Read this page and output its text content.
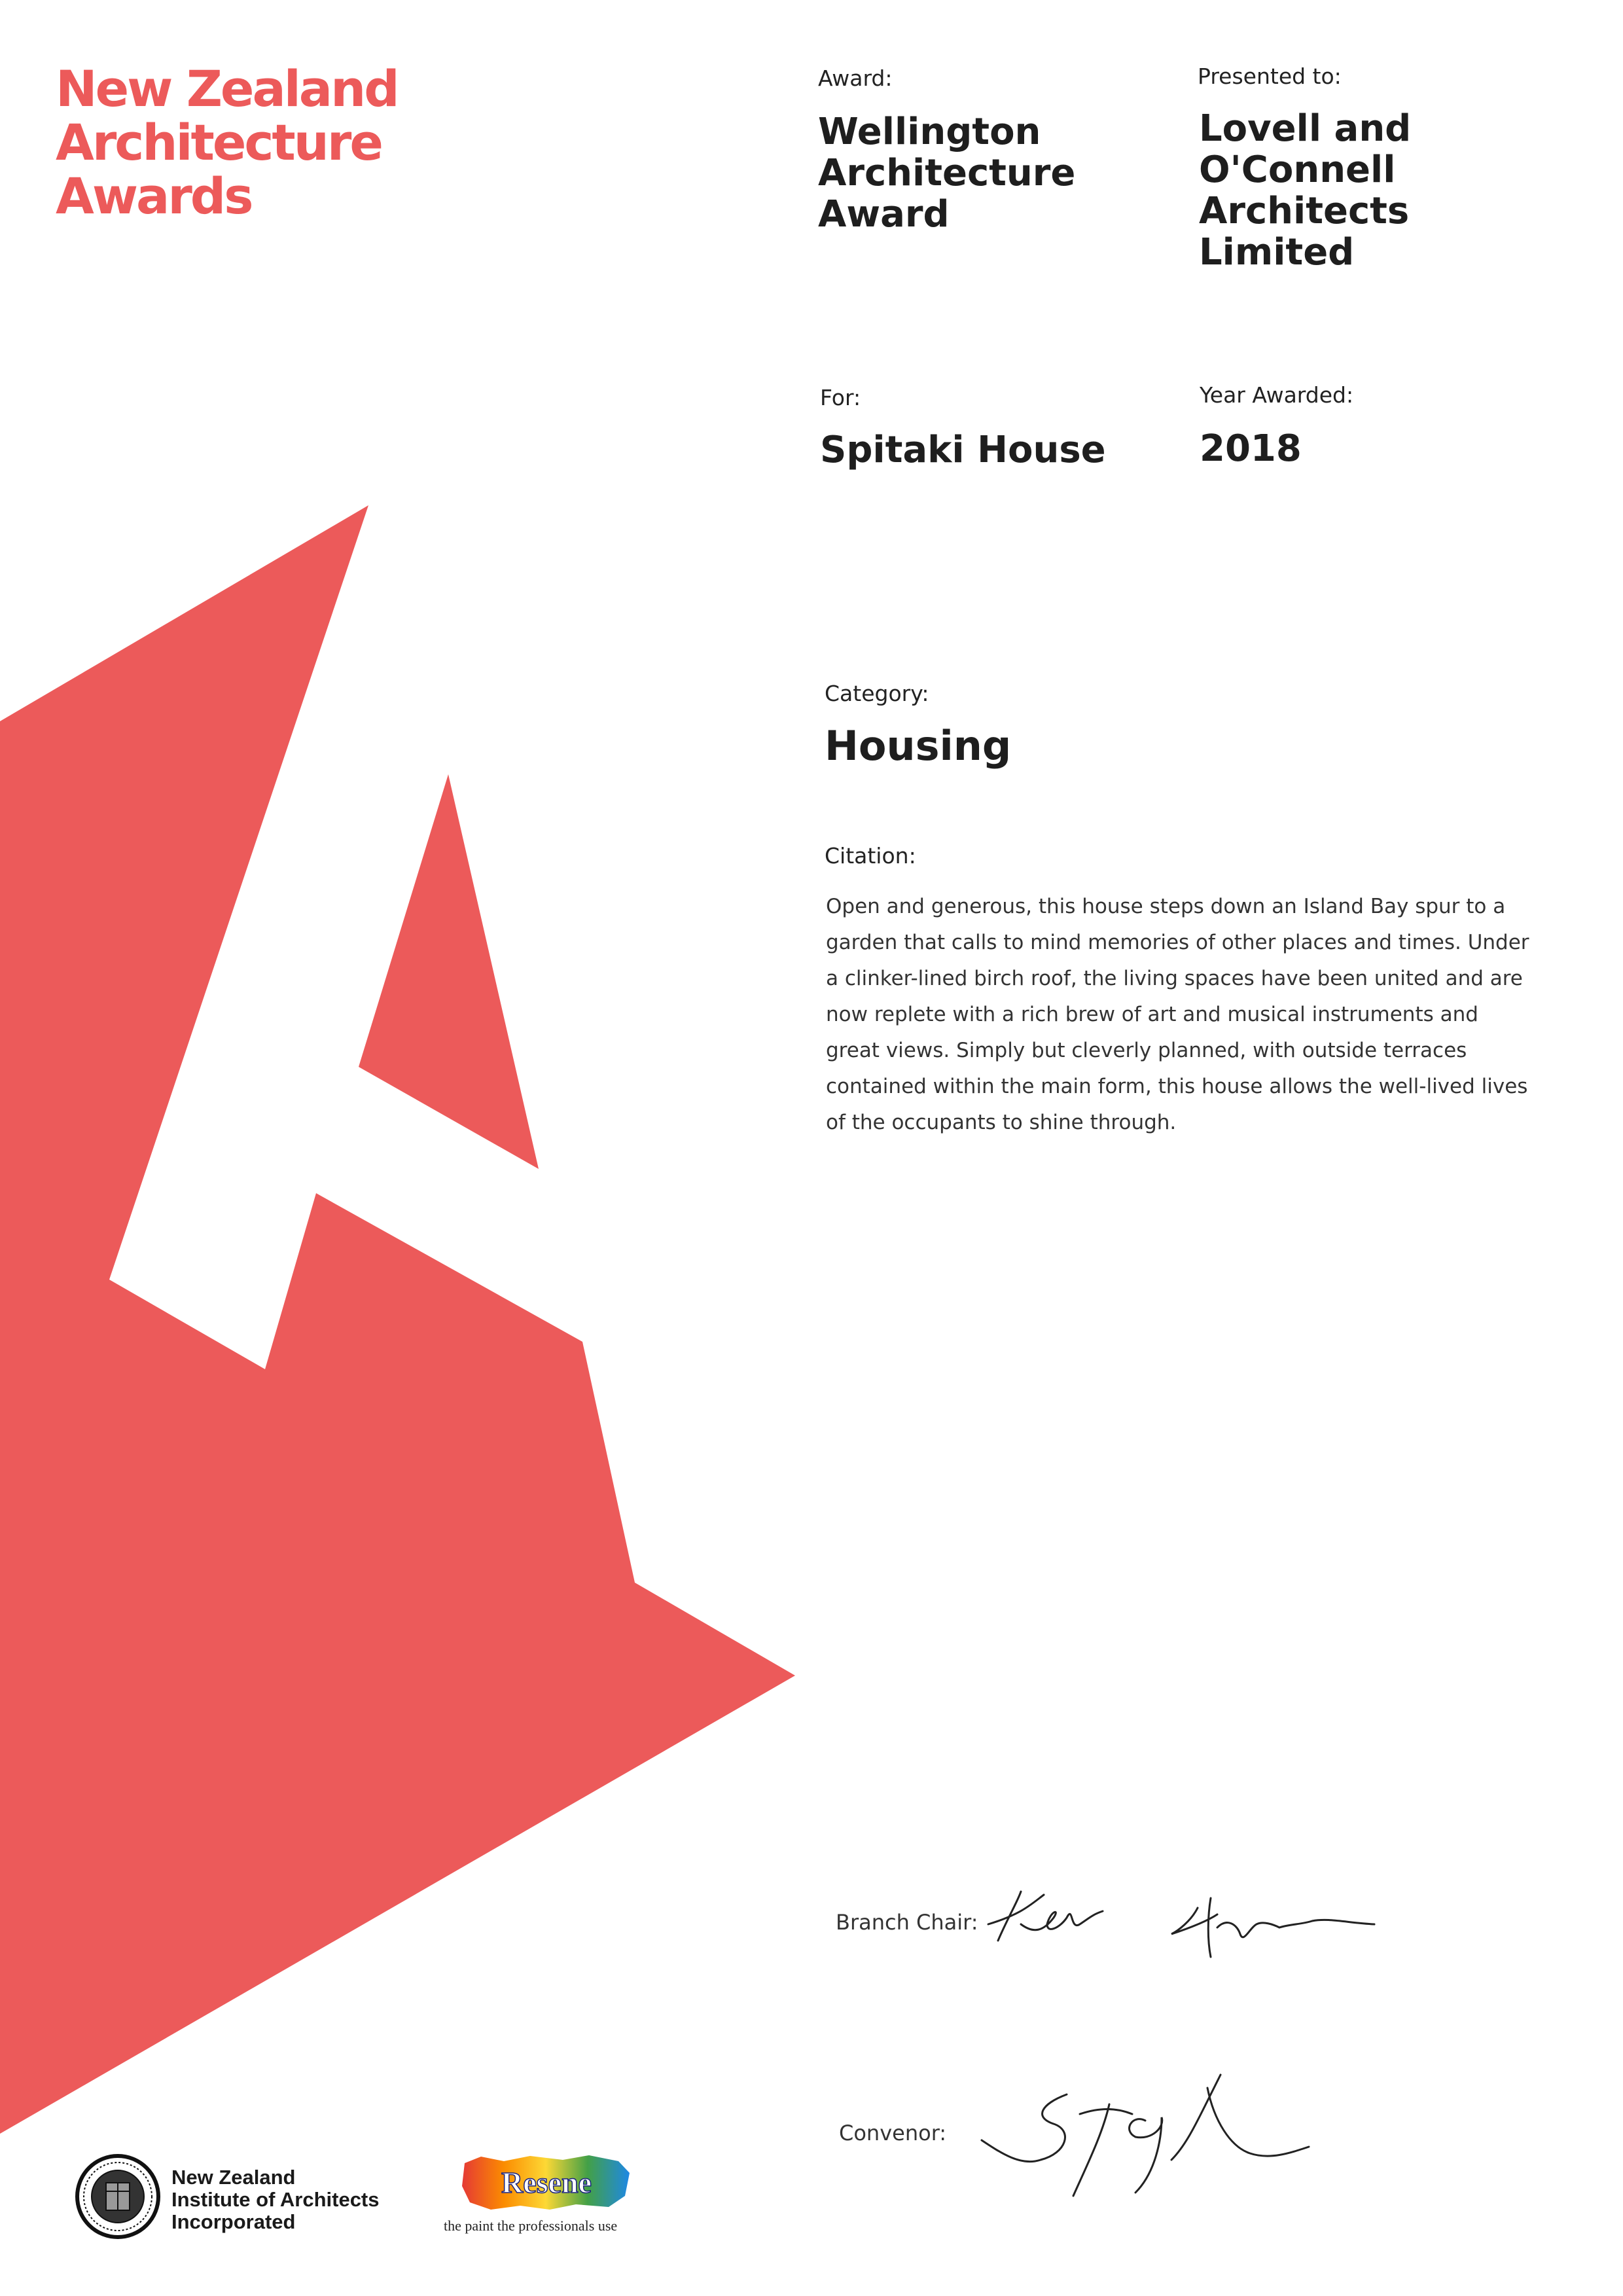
New Zealand
Architecture
Awards

Award:

Wellington
Architecture
Award

Presented to:

Lovell and
O'Connell
Architects
Limited

For:

Spitaki House

Year Awarded:

2018

Category:

Housing

Citation:

Open and generous, this house steps down an Island Bay spur to a garden that calls to mind memories of other places and times. Under a clinker-lined birch roof, the living spaces have been united and are now replete with a rich brew of art and musical instruments and great views. Simply but cleverly planned, with outside terraces contained within the main form, this house allows the well-lived lives of the occupants to shine through.

Branch Chair:
Convenor:
New Zealand
Institute of Architects
Incorporated
Resene
the paint the professionals use
